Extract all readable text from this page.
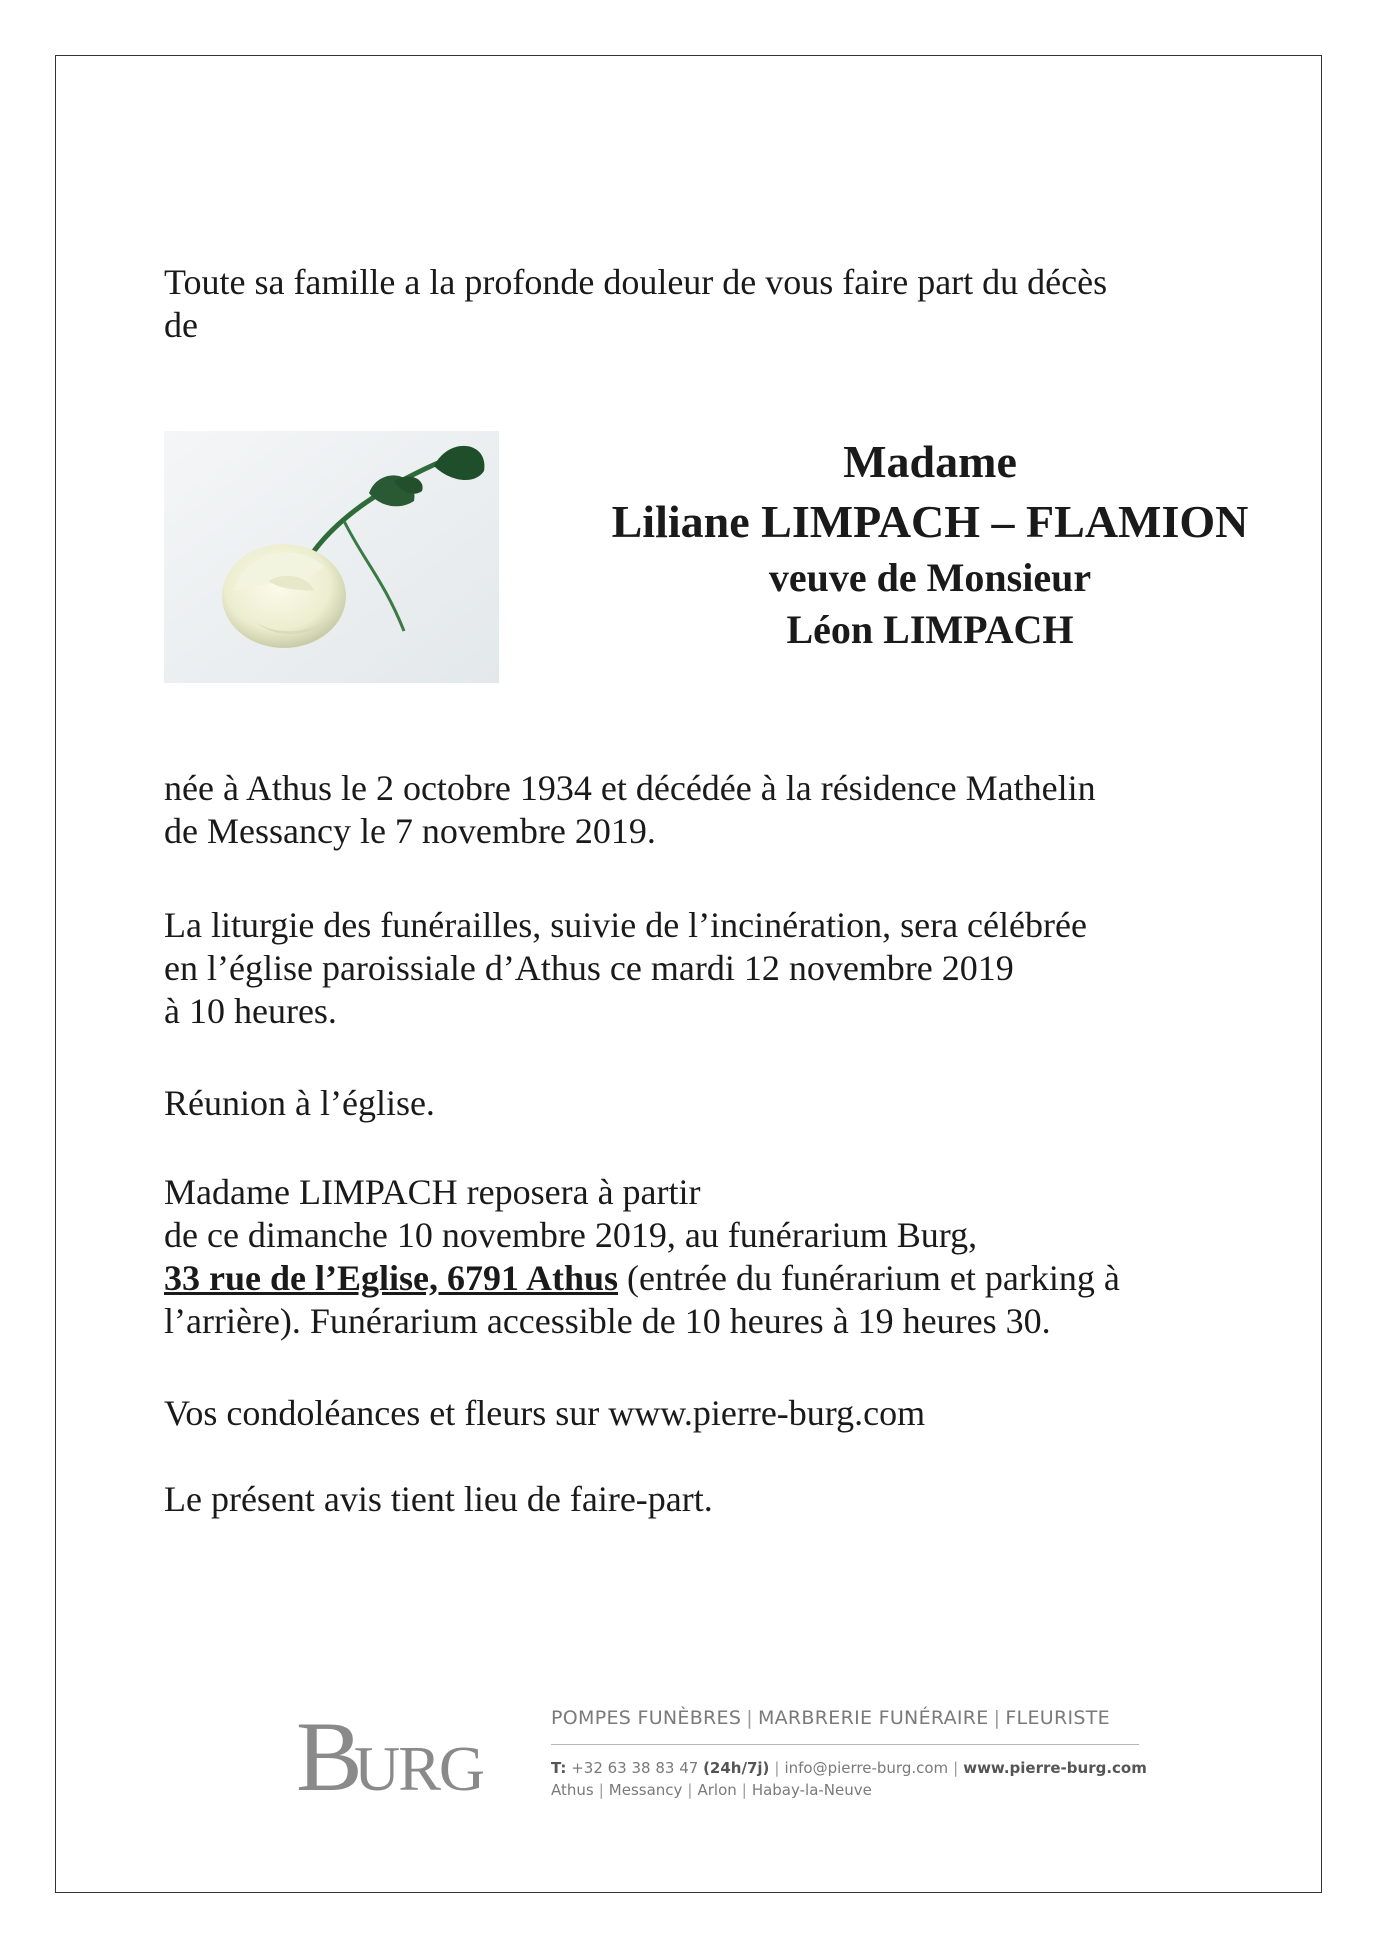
Toute sa famille a la profonde douleur de vous faire part du décès
de
Madame
Liliane LIMPACH – FLAMION
veuve de Monsieur
Léon LIMPACH
née à Athus le 2 octobre 1934 et décédée à la résidence Mathelin
de Messancy le 7 novembre 2019.
La liturgie des funérailles, suivie de l’incinération, sera célébrée
en l’église paroissiale d’Athus ce mardi 12 novembre 2019
à 10 heures.
Réunion à l’église.
Madame LIMPACH reposera à partir
de ce dimanche 10 novembre 2019, au funérarium Burg,
33 rue de l’Eglise, 6791 Athus (entrée du funérarium et parking à
l’arrière). Funérarium accessible de 10 heures à 19 heures 30.
Vos condoléances et fleurs sur www.pierre-burg.com
Le présent avis tient lieu de faire-part.
B
URG
POMPES FUNÈBRES | MARBRERIE FUNÉRAIRE | FLEURISTE
T: +32 63 38 83 47 (24h/7j) | info@pierre-burg.com | www.pierre-burg.com
Athus | Messancy | Arlon | Habay-la-Neuve
